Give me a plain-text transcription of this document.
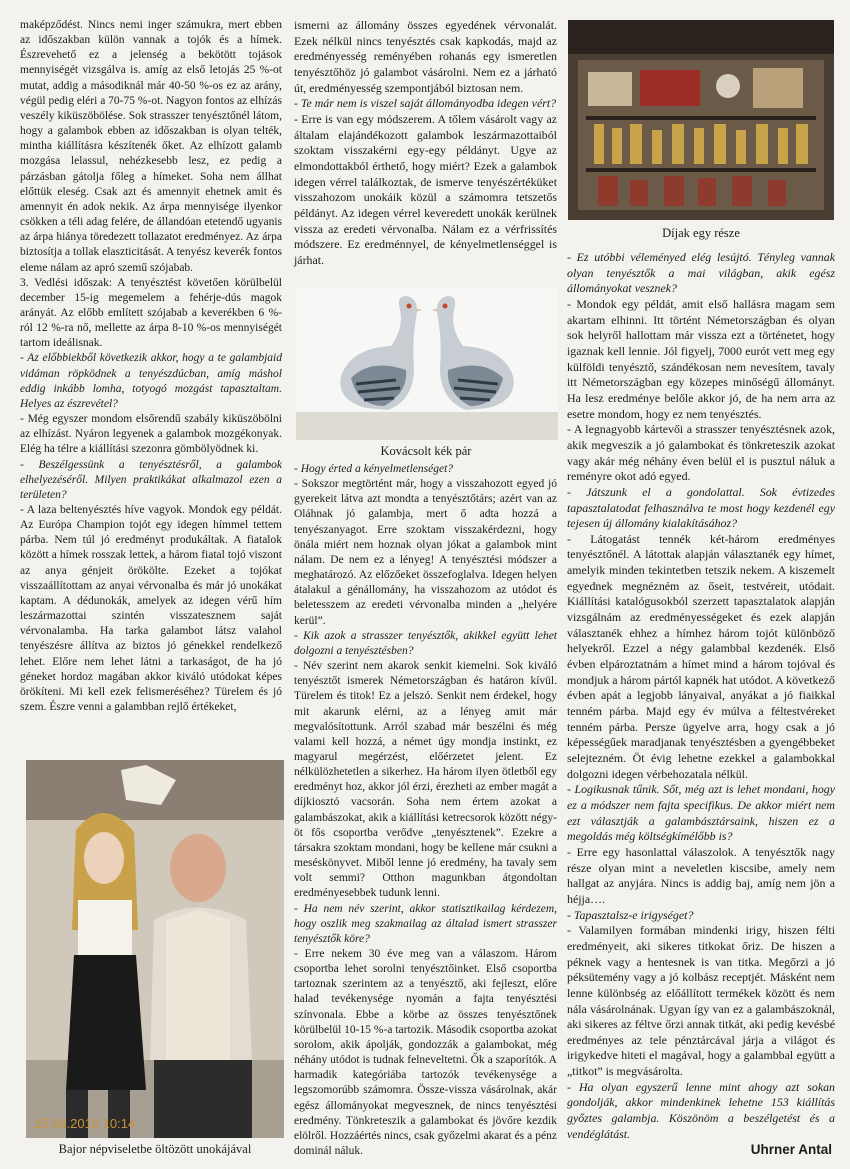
maképződést. Nincs nemi inger számukra, mert ebben az időszakban külön vannak a tojók és a hímek. Észrevehető ez a jelenség a bekötött tojások mennyiségét vizsgálva is. amíg az első letojás 25 %-ot mutat, addig a másodiknál már 40-50 %-os ez az arány, végül pedig eléri a 70-75 %-ot. Nagyon fontos az elhízás veszély kiküszöbölése. Sok strasszer tenyésztőnél látom, hogy a galambok ebben az időszakban is olyan telték, mintha kiállításra készítenék őket. Az elhízott galamb mozgása lelassul, nehézkesebb lesz, ez pedig a párzásban gátolja főleg a hímeket. Soha nem állhat előttük eleség. Csak azt és amennyit ehetnek amit és amennyit én adok nekik. Az árpa mennyisége ilyenkor csökken a téli adag felére, de állandóan etetendő ugyanis az árpa hiánya töredezett tollazatot eredményez. Az árpa biztosítja a tollak elaszticitását. A tenyész keverék fontos eleme nálam az apró szemű szójabab.

3. Vedlési időszak: A tenyésztést követően körülbelül december 15-ig megemelem a fehérje-dús magok arányát. Az előbb említett szójabab a keverékben 6 %-ról 12 %-ra nő, mellette az árpa 8-10 %-os mennyiségét tartom ideálisnak.

- Az előbbiekből következik akkor, hogy a te galambjaid vidáman röpködnek a tenyészdúcban, amíg máshol eddig inkább lomha, totyogó mozgást tapasztaltam. Helyes az észrevétel?

- Még egyszer mondom elsőrendű szabály kiküszöbölni az elhízást. Nyáron legyenek a galambok mozgékonyak. Elég ha télre a kiállítási szezonra gömbölyödnek ki.

- Beszélgessünk a tenyésztésről, a galambok elhelyezéséről. Milyen praktikákat alkalmazol ezen a területen?

- A laza beltenyésztés híve vagyok. Mondok egy példát. Az Európa Champion tojót egy idegen hímmel tettem párba. Nem túl jó eredményt produkáltak. A fiatalok között a hímek rosszak lettek, a három fiatal tojó viszont az anya génjeit örökölte. Ezeket a tojókat visszaállítottam az anyai vérvonalba és már jó unokákat kaptam. A dédunokák, amelyek az idegen vérű hím leszármazottai szintén visszatesznem saját vérvonalamba. Ha tarka galambot látsz valahol tenyészésre állítva az biztos jó génekkel rendelkező lehet. Előre nem lehet látni a tarkaságot, de ha jó géneket hordoz magában akkor kiváló utódokat képes örökíteni. Mi kell ezek felismeréséhez? Türelem és jó szem. Észre venni a galambban rejlő értékeket,

15.06.2010 10:14
Bajor népviseletbe öltözött unokájával

ismerni az állomány összes egyedének vérvonalát. Ezek nélkül nincs tenyésztés csak kapkodás, majd az eredményesség reményében rohanás egy ismeretlen tenyésztőhöz jó galambot vásárolni. Nem ez a járható út, eredményesség szempontjából biztosan nem.

- Te már nem is viszel saját állományodba idegen vért?

- Erre is van egy módszerem. A tőlem vásárolt vagy az általam elajándékozott galambok leszármazottaiból szoktam visszakérni egy-egy példányt. Ugye az elmondottakból érthető, hogy miért? Ezek a galambok idegen vérrel találkoztak, de ismerve tenyészértéküket visszahozom unokáik közül a számomra tetszetős példányt. Az idegen vérrel keveredett unokák kerülnek vissza az eredeti vérvonalba. Nálam ez a vérfrissítés módszere. Ez eredménnyel, de kényelmetlenséggel is járhat.

Kovácsolt kék pár

- Hogy érted a kényelmetlenséget?

- Sokszor megtörtént már, hogy a visszahozott egyed jó gyerekeit látva azt mondta a tenyésztőtárs; azért van az Oláhnak jó galambja, mert ő adta hozzá a tenyészanyagot. Erre szoktam visszakérdezni, hogy önála miért nem hoznak olyan jókat a galambok mint nálam. De nem ez a lényeg! A tenyésztési módszer a meghatározó. Az előzőeket összefoglalva. Idegen helyen átalakul a génállomány, ha visszahozom az utódot és beletesszem az eredeti vérvonalba minden a „helyére kerül”.

- Kik azok a strasszer tenyésztők, akikkel együtt lehet dolgozni a tenyésztésben?

- Név szerint nem akarok senkit kiemelni. Sok kiváló tenyésztőt ismerek Németországban és határon kívül. Türelem és titok! Ez a jelszó. Senkit nem érdekel, hogy mit akarunk elérni, az a lényeg amit már megvalósítottunk. Arról szabad már beszélni és még valami kell hozzá, a német úgy mondja instinkt, ez magyarul megérzést, előérzetet jelent. Ez nélkülözhetetlen a sikerhez. Ha három ilyen ötletből egy eredményt hoz, akkor jól érzi, érezheti az ember magát a díjkiosztó vacsorán. Soha nem értem azokat a galambászokat, akik a kiállítási ketrecsorok között négy-öt fős csoportba verődve „tenyésztenek”. Ezekre a társakra szoktam mondani, hogy be kellene már csukni a meséskönyvet. Miből lenne jó eredmény, ha tavaly sem volt semmi? Otthon magunkban átgondoltan eredményesebbek tudunk lenni.

- Ha nem név szerint, akkor statisztikailag kérdezem, hogy oszlik meg szakmailag az általad ismert strasszer tenyésztők köre?

- Erre nekem 30 éve meg van a válaszom. Három csoportba lehet sorolni tenyésztőinket. Első csoportba tartoznak szerintem az a tenyésztő, aki fejleszt, előre halad tevékenysége nyomán a fajta tenyésztési színvonala. Ebbe a körbe az összes tenyésztőnek körülbelül 10-15 %-a tartozik. Második csoportba azokat sorolom, akik ápolják, gondozzák a galambokat, még néhány utódot is tudnak felneveltetni. Ők a szaporítók. A harmadik kategóriába tartozók tevékenysége a legszomorúbb számomra. Össze-vissza vásárolnak, akár egész állományokat megvesznek, de nincs tenyésztési eredmény. Tönkreteszik a galambokat és jövőre kezdik elölről. Hozzáértés nincs, csak győzelmi akarat és a pénz dominál náluk.

Díjak egy része

- Ez utóbbi véleményed elég lesújtó. Tényleg vannak olyan tenyésztők a mai világban, akik egész állományokat vesznek?

- Mondok egy példát, amit első hallásra magam sem akartam elhinni. Itt történt Németországban és olyan sok helyről hallottam már vissza ezt a történetet, hogy igaznak kell lennie. Jól figyelj, 7000 eurót vett meg egy külföldi tenyésztő, szándékosan nem nevesítem, tavaly itt Németországban egy közepes minőségű állományt. Ha lesz eredménye belőle akkor jó, de ha nem arra az esetre mondom, hogy ez nem tenyésztés.

- A legnagyobb kártevői a strasszer tenyésztésnek azok, akik megveszik a jó galambokat és tönkreteszik azokat vagy akár még néhány éven belül el is pusztul náluk a reményre okot adó egyed.

- Játszunk el a gondolattal. Sok évtizedes tapasztalatodat felhasználva te most hogy kezdenél egy tejesen új állomány kialakításához?

- Látogatást tennék két-három eredményes tenyésztőnél. A látottak alapján választanék egy hímet, amelyik minden tekintetben tetszik nekem. A kiszemelt egyednek megnézném az őseit, testvéreit, utódait. Kiállítási katalógusokból szerzett tapasztalatok alapján vizsgálnám az eredményességeket és ezek alapján választanék ehhez a hímhez három tojót különböző helyekről. Ezzel a négy galambbal kezdenék. Első évben elpároztatnám a hímet mind a három tojóval és mondjuk a három pártól kapnék hat utódot. A következő évben apát a legjobb lányaival, anyákat a jó fiaikkal tenném párba. Majd egy év múlva a féltestvéreket tenném párba. Persze ügyelve arra, hogy csak a jó képességűek maradjanak tenyésztésben a gyengébbeket selejtezném. Öt évig lehetne ezekkel a galambokkal dolgozni idegen vérbehozatala nélkül.

- Logikusnak tűnik. Sőt, még azt is lehet mondani, hogy ez a módszer nem fajta specifikus. De akkor miért nem ezt választják a galambásztársaink, hiszen ez a megoldás még költségkímélőbb is?

- Erre egy hasonlattal válaszolok. A tenyésztők nagy része olyan mint a neveletlen kiscsibe, amely nem hallgat az anyjára. Nincs is addig baj, amíg nem jön a héjja….

- Tapasztalsz-e irigységet?

- Valamilyen formában mindenki irigy, hiszen félti eredményeit, aki sikeres titkokat őriz. De hiszen a péknek vagy a hentesnek is van titka. Megőrzi a jó péksütemény vagy a jó kolbász receptjét. Másként nem lenne különbség az előállított termékek között és nem nála vásárolnának. Ugyan így van ez a galambászoknál, aki sikeres az féltve őrzi annak titkát, aki pedig kevésbé eredményes az tele pénztárcával járja a világot és irigykedve hiteti el magával, hogy a galambbal együtt a „titkot” is megvásárolta.

- Ha olyan egyszerű lenne mint ahogy azt sokan gondolják, akkor mindenkinek lehetne 153 kiállítás győztes galambja. Köszönöm a beszélgetést és a vendéglátást.

Uhrner Antal
